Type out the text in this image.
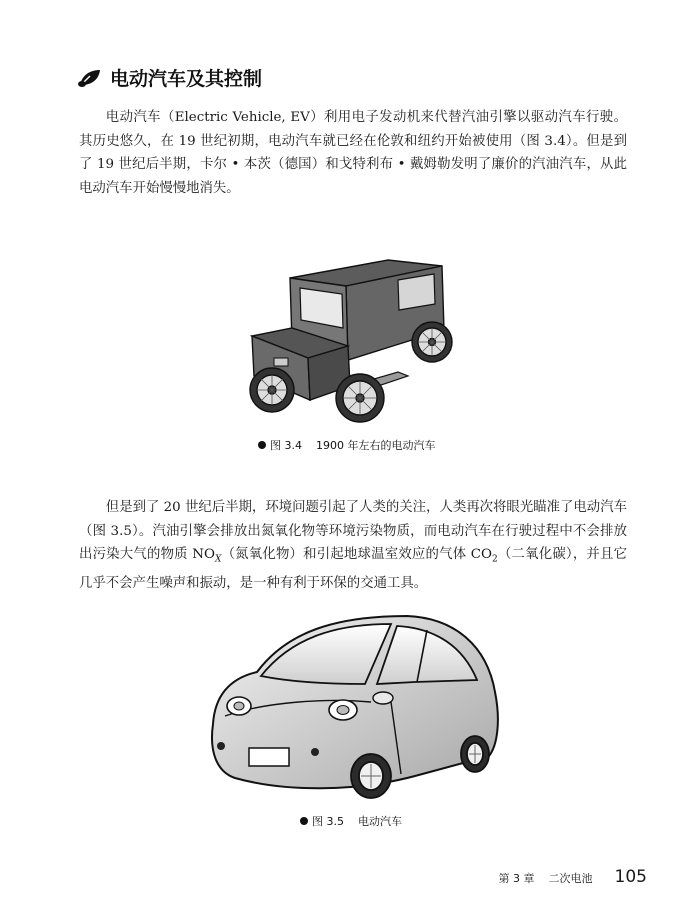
电动汽车及其控制

电动汽车（Electric Vehicle, EV）利用电子发动机来代替汽油引擎以驱动汽车行驶。其历史悠久，在 19 世纪初期，电动汽车就已经在伦敦和纽约开始被使用（图 3.4）。但是到了 19 世纪后半期，卡尔 • 本茨（德国）和戈特利布 • 戴姆勒发明了廉价的汽油汽车，从此电动汽车开始慢慢地消失。

图 3.4 1900 年左右的电动汽车

但是到了 20 世纪后半期，环境问题引起了人类的关注，人类再次将眼光瞄准了电动汽车（图 3.5）。汽油引擎会排放出氮氧化物等环境污染物质，而电动汽车在行驶过程中不会排放出污染大气的物质 $NO_X$（氮氧化物）和引起地球温室效应的气体 $CO_2$（二氧化碳），并且它几乎不会产生噪声和振动，是一种有利于环保的交通工具。

图 3.5 电动汽车
第 3 章 二次电池 105
